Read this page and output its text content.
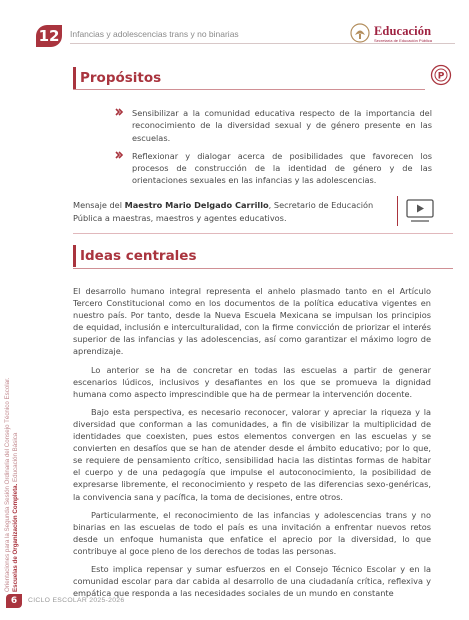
12	Infancias y adolescencias trans y no binarias	Educación
Secretaría de Educación Pública
Propósitos	P
Sensibilizar a la comunidad educativa respecto de la importancia del reconocimiento de la diversidad sexual y de género presente en las escuelas.
Reflexionar y dialogar acerca de posibilidades que favorecen los procesos de construcción de la identidad de género y de las orientaciones sexuales en las infancias y las adolescencias.
Mensaje del Maestro Mario Delgado Carrillo, Secretario de Educación Pública a maestras, maestros y agentes educativos.
Ideas centrales

El desarrollo humano integral representa el anhelo plasmado tanto en el Artículo Tercero Constitucional como en los documentos de la política educativa vigentes en nuestro país. Por tanto, desde la Nueva Escuela Mexicana se impulsan los principios de equidad, inclusión e interculturalidad, con la firme convicción de priorizar el interés superior de las infancias y las adolescencias, así como garantizar el máximo logro de aprendizaje.

Lo anterior se ha de concretar en todas las escuelas a partir de generar escenarios lúdicos, inclusivos y desafiantes en los que se promueva la dignidad humana como aspecto imprescindible que ha de permear la intervención docente.

Bajo esta perspectiva, es necesario reconocer, valorar y apreciar la riqueza y la diversidad que conforman a las comunidades, a fin de visibilizar la multiplicidad de identidades que coexisten, pues estos elementos convergen en las escuelas y se convierten en desafíos que se han de atender desde el ámbito educativo; por lo que, se requiere de pensamiento crítico, sensibilidad hacia las distintas formas de habitar el cuerpo y de una pedagogía que impulse el autoconocimiento, la posibilidad de expresarse libremente, el reconocimiento y respeto de las diferencias sexo-genéricas, la convivencia sana y pacífica, la toma de decisiones, entre otros.

Particularmente, el reconocimiento de las infancias y adolescencias trans y no binarias en las escuelas de todo el país es una invitación a enfrentar nuevos retos desde un enfoque humanista que enfatice el aprecio por la diversidad, lo que contribuye al goce pleno de los derechos de todas las personas.

Esto implica repensar y sumar esfuerzos en el Consejo Técnico Escolar y en la comunidad escolar para dar cabida al desarrollo de una ciudadanía crítica, reflexiva y empática que responda a las necesidades sociales de un mundo en constante

Orientaciones para la Segunda Sesión Ordinaria del Consejo Técnico Escolar. Escuelas de Organización Completa. Educación Básica
6	CICLO ESCOLAR 2025-2026
